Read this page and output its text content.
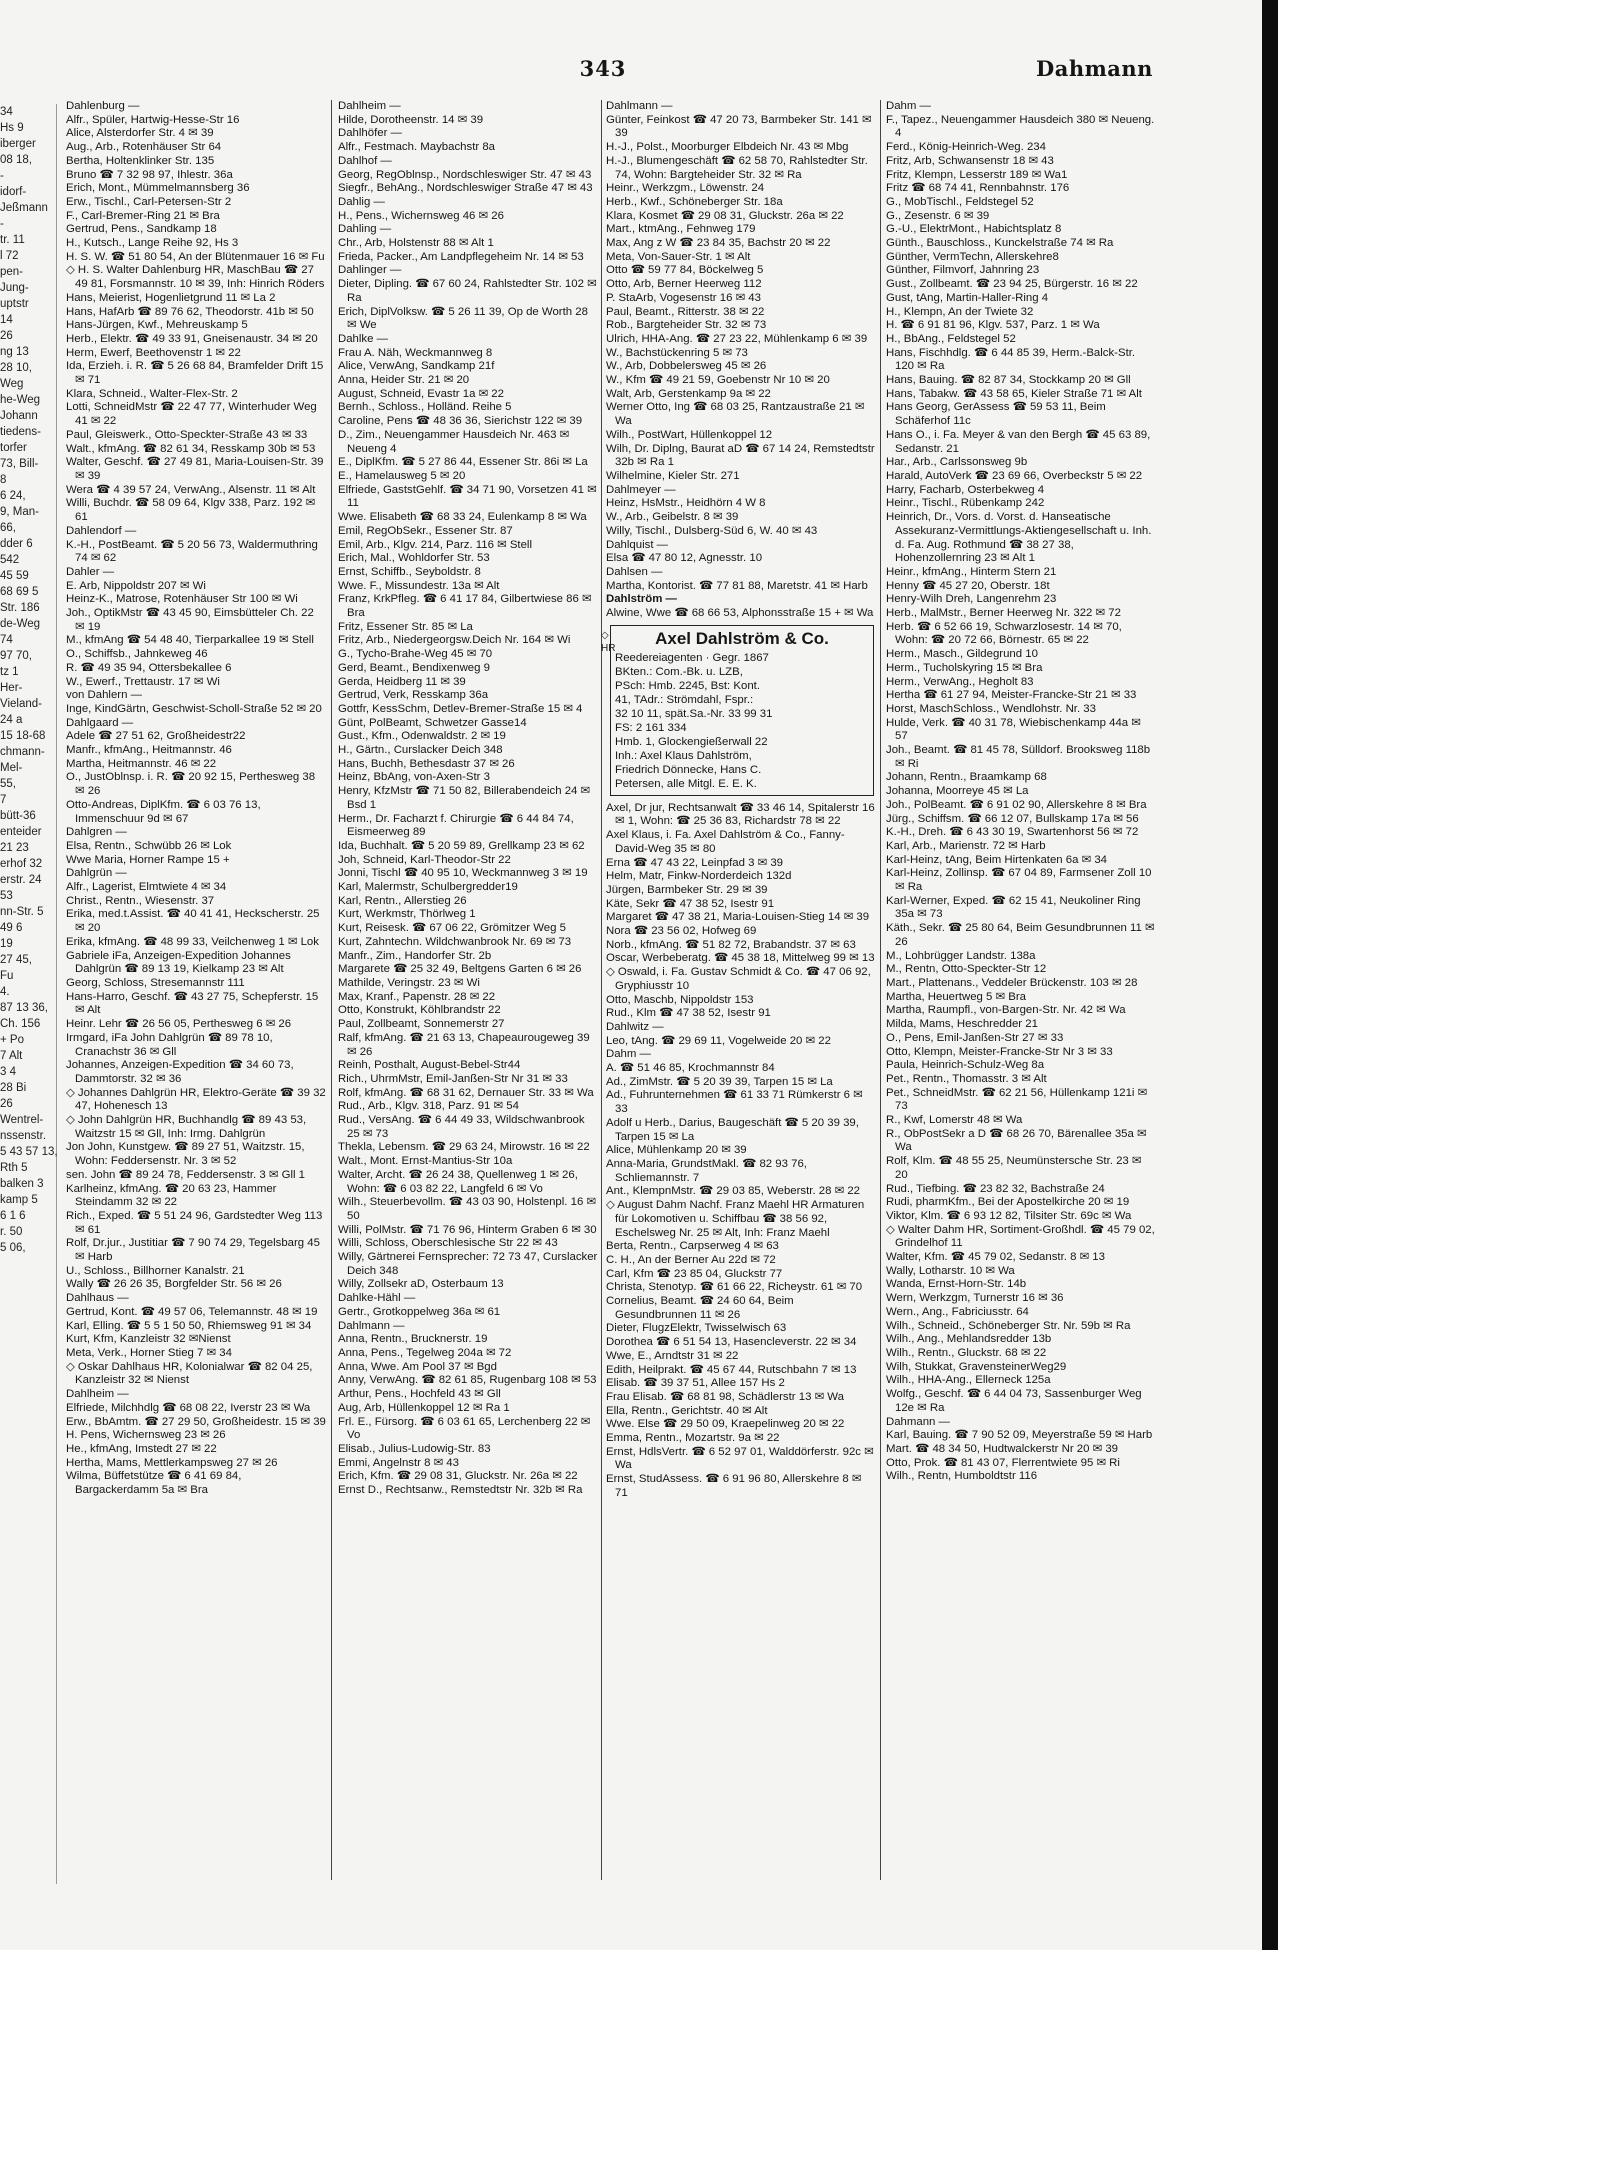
34
Hs 9
iberger
08 18,
-
idorf-
Jeßmann
-
tr. 11
l 72
pen-
Jung-
uptstr
14
26
ng 13
28 10,
Weg
he-Weg
Johann
tiedens-
torfer
73, Bill-
8
6 24,
9, Man-
66,
dder 6
542
45 59
68 69 5
Str. 186
de-Weg
74
97 70,
tz 1
Her-
Vieland-
24 a
15 18-68
chmann-
Mel-
55,
7
bütt-36
enteider
21 23
erhof 32
erstr. 24
53
nn-Str. 5
49 6
19
27 45,
Fu
4.
87 13 36,
Ch. 156
+ Po
7 Alt
3 4
28 Bi
26
Wentrel-
nssenstr.
5 43 57 13,
Rth 5
balken 3
kamp 5
6 1 6
r. 50
5 06,
343	Dahmann
Dahlenburg —
Alfr., Spüler, Hartwig-Hesse-Str 16
Alice, Alsterdorfer Str. 4 ✉ 39
Aug., Arb., Rotenhäuser Str 64
Bertha, Holtenklinker Str. 135
Bruno ☎ 7 32 98 97, Ihlestr. 36a
Erich, Mont., Mümmelmannsberg 36
Erw., Tischl., Carl-Petersen-Str 2
F., Carl-Bremer-Ring 21 ✉ Bra
Gertrud, Pens., Sandkamp 18
H., Kutsch., Lange Reihe 92, Hs 3
H. S. W. ☎ 51 80 54, An der Blütenmauer 16 ✉ Fu
◇ H. S. Walter Dahlenburg HR, MaschBau ☎ 27 49 81, Forsmannstr. 10 ✉ 39, Inh: Hinrich Röders
Hans, Meierist, Hogenlietgrund 11 ✉ La 2
Hans, HafArb ☎ 89 76 62, Theodorstr. 41b ✉ 50
Hans-Jürgen, Kwf., Mehreuskamp 5
Herb., Elektr. ☎ 49 33 91, Gneisenaustr. 34 ✉ 20
Herm, Ewerf, Beethovenstr 1 ✉ 22
Ida, Erzieh. i. R. ☎ 5 26 68 84, Bramfelder Drift 15 ✉ 71
Klara, Schneid., Walter-Flex-Str. 2
Lotti, SchneidMstr ☎ 22 47 77, Winterhuder Weg 41 ✉ 22
Paul, Gleiswerk., Otto-Speckter-Straße 43 ✉ 33
Walt., kfmAng. ☎ 82 61 34, Resskamp 30b ✉ 53
Walter, Geschf. ☎ 27 49 81, Maria-Louisen-Str. 39 ✉ 39
Wera ☎ 4 39 57 24, VerwAng., Alsenstr. 11 ✉ Alt
Willi, Buchdr. ☎ 58 09 64, Klgv 338, Parz. 192 ✉ 61
Dahlendorf —
K.-H., PostBeamt. ☎ 5 20 56 73, Waldermuthring 74 ✉ 62
Dahler —
E. Arb, Nippoldstr 207 ✉ Wi
Heinz-K., Matrose, Rotenhäuser Str 100 ✉ Wi
Joh., OptikMstr ☎ 43 45 90, Eimsbütteler Ch. 22 ✉ 19
M., kfmAng ☎ 54 48 40, Tierparkallee 19 ✉ Stell
O., Schiffsb., Jahnkeweg 46
R. ☎ 49 35 94, Ottersbekallee 6
W., Ewerf., Trettaustr. 17 ✉ Wi
von Dahlern —
Inge, KindGärtn, Geschwist-Scholl-Straße 52 ✉ 20
Dahlgaard —
Adele ☎ 27 51 62, Großheidestr22
Manfr., kfmAng., Heitmannstr. 46
Martha, Heitmannstr. 46 ✉ 22
O., JustOblnsp. i. R. ☎ 20 92 15, Perthesweg 38 ✉ 26
Otto-Andreas, DiplKfm. ☎ 6 03 76 13, Immenschuur 9d ✉ 67
Dahlgren —
Elsa, Rentn., Schwübb 26 ✉ Lok
Wwe Maria, Horner Rampe 15 +
Dahlgrün —
Alfr., Lagerist, Elmtwiete 4 ✉ 34
Christ., Rentn., Wiesenstr. 37
Erika, med.t.Assist. ☎ 40 41 41, Heckscherstr. 25 ✉ 20
Erika, kfmAng. ☎ 48 99 33, Veilchenweg 1 ✉ Lok
Gabriele iFa, Anzeigen-Expedition Johannes Dahlgrün ☎ 89 13 19, Kielkamp 23 ✉ Alt
Georg, Schloss, Stresemannstr 111
Hans-Harro, Geschf. ☎ 43 27 75, Schepferstr. 15 ✉ Alt
Heinr. Lehr ☎ 26 56 05, Perthesweg 6 ✉ 26
Irmgard, iFa John Dahlgrün ☎ 89 78 10, Cranachstr 36 ✉ Gll
Johannes, Anzeigen-Expedition ☎ 34 60 73, Dammtorstr. 32 ✉ 36
◇ Johannes Dahlgrün HR, Elektro-Geräte ☎ 39 32 47, Hohenesch 13
◇ John Dahlgrün HR, Buchhandlg ☎ 89 43 53, Waitzstr 15 ✉ Gll, Inh: Irmg. Dahlgrün
Jon John, Kunstgew. ☎ 89 27 51, Waitzstr. 15, Wohn: Feddersenstr. Nr. 3 ✉ 52
sen. John ☎ 89 24 78, Feddersenstr. 3 ✉ Gll 1
Karlheinz, kfmAng. ☎ 20 63 23, Hammer Steindamm 32 ✉ 22
Rich., Exped. ☎ 5 51 24 96, Gardstedter Weg 113 ✉ 61
Rolf, Dr.jur., Justitiar ☎ 7 90 74 29, Tegelsbarg 45 ✉ Harb
U., Schloss., Billhorner Kanalstr. 21
Wally ☎ 26 26 35, Borgfelder Str. 56 ✉ 26
Dahlhaus —
Gertrud, Kont. ☎ 49 57 06, Telemannstr. 48 ✉ 19
Karl, Elling. ☎ 5 5 1 50 50, Rhiemsweg 91 ✉ 34
Kurt, Kfm, Kanzleistr 32 ✉Nienst
Meta, Verk., Horner Stieg 7 ✉ 34
◇ Oskar Dahlhaus HR, Kolonialwar ☎ 82 04 25, Kanzleistr 32 ✉ Nienst
Dahlheim —
Elfriede, Milchhdlg ☎ 68 08 22, Iverstr 23 ✉ Wa
Erw., BbAmtm. ☎ 27 29 50, Großheidestr. 15 ✉ 39
H. Pens, Wichernsweg 23 ✉ 26
He., kfmAng, Imstedt 27 ✉ 22
Hertha, Mams, Mettlerkampsweg 27 ✉ 26
Wilma, Büffetstütze ☎ 6 41 69 84, Bargackerdamm 5a ✉ Bra
Dahlheim —
Hilde, Dorotheenstr. 14 ✉ 39
Dahlhöfer —
Alfr., Festmach. Maybachstr 8a
Dahlhof —
Georg, RegOblnsp., Nordschleswiger Str. 47 ✉ 43
Siegfr., BehAng., Nordschleswiger Straße 47 ✉ 43
Dahlig —
H., Pens., Wichernsweg 46 ✉ 26
Dahling —
Chr., Arb, Holstenstr 88 ✉ Alt 1
Frieda, Packer., Am Landpflegeheim Nr. 14 ✉ 53
Dahlinger —
Dieter, Dipling. ☎ 67 60 24, Rahlstedter Str. 102 ✉ Ra
Erich, DiplVolksw. ☎ 5 26 11 39, Op de Worth 28 ✉ We
Dahlke —
Frau A. Näh, Weckmannweg 8
Alice, VerwAng, Sandkamp 21f
Anna, Heider Str. 21 ✉ 20
August, Schneid, Evastr 1a ✉ 22
Bernh., Schloss., Holländ. Reihe 5
Caroline, Pens ☎ 48 36 36, Sierichstr 122 ✉ 39
D., Zim., Neuengammer Hausdeich Nr. 463 ✉ Neueng 4
E., DiplKfm. ☎ 5 27 86 44, Essener Str. 86i ✉ La
E., Hamelausweg 5 ✉ 20
Elfriede, GaststGehlf. ☎ 34 71 90, Vorsetzen 41 ✉ 11
Wwe. Elisabeth ☎ 68 33 24, Eulenkamp 8 ✉ Wa
Emil, RegObSekr., Essener Str. 87
Emil, Arb., Klgv. 214, Parz. 116 ✉ Stell
Erich, Mal., Wohldorfer Str. 53
Ernst, Schiffb., Seyboldstr. 8
Wwe. F., Missundestr. 13a ✉ Alt
Franz, KrkPfleg. ☎ 6 41 17 84, Gilbertwiese 86 ✉ Bra
Fritz, Essener Str. 85 ✉ La
Fritz, Arb., Niedergeorgsw.Deich Nr. 164 ✉ Wi
G., Tycho-Brahe-Weg 45 ✉ 70
Gerd, Beamt., Bendixenweg 9
Gerda, Heidberg 11 ✉ 39
Gertrud, Verk, Resskamp 36a
Gottfr, KessSchm, Detlev-Bremer-Straße 15 ✉ 4
Günt, PolBeamt, Schwetzer Gasse14
Gust., Kfm., Odenwaldstr. 2 ✉ 19
H., Gärtn., Curslacker Deich 348
Hans, Buchh, Bethesdastr 37 ✉ 26
Heinz, BbAng, von-Axen-Str 3
Henry, KfzMstr ☎ 71 50 82, Billerabendeich 24 ✉ Bsd 1
Herm., Dr. Facharzt f. Chirurgie ☎ 6 44 84 74, Eismeerweg 89
Ida, Buchhalt. ☎ 5 20 59 89, Grellkamp 23 ✉ 62
Joh, Schneid, Karl-Theodor-Str 22
Jonni, Tischl ☎ 40 95 10, Weckmannweg 3 ✉ 19
Karl, Malermstr, Schulbergredder19
Karl, Rentn., Allerstieg 26
Kurt, Werkmstr, Thörlweg 1
Kurt, Reisesk. ☎ 67 06 22, Grömitzer Weg 5
Kurt, Zahntechn. Wildchwanbrook Nr. 69 ✉ 73
Manfr., Zim., Handorfer Str. 2b
Margarete ☎ 25 32 49, Beltgens Garten 6 ✉ 26
Mathilde, Veringstr. 23 ✉ Wi
Max, Kranf., Papenstr. 28 ✉ 22
Otto, Konstrukt, Köhlbrandstr 22
Paul, Zollbeamt, Sonnemerstr 27
Ralf, kfmAng. ☎ 21 63 13, Chapeaurougeweg 39 ✉ 26
Reinh, Posthalt, August-Bebel-Str44
Rich., UhrmMstr, Emil-Janßen-Str Nr 31 ✉ 33
Rolf, kfmAng. ☎ 68 31 62, Dernauer Str. 33 ✉ Wa
Rud., Arb., Klgv. 318, Parz. 91 ✉ 54
Rud., VersAng. ☎ 6 44 49 33, Wildschwanbrook 25 ✉ 73
Thekla, Lebensm. ☎ 29 63 24, Mirowstr. 16 ✉ 22
Walt., Mont. Ernst-Mantius-Str 10a
Walter, Archt. ☎ 26 24 38, Quellenweg 1 ✉ 26, Wohn: ☎ 6 03 82 22, Langfeld 6 ✉ Vo
Wilh., Steuerbevollm. ☎ 43 03 90, Holstenpl. 16 ✉ 50
Willi, PolMstr. ☎ 71 76 96, Hinterm Graben 6 ✉ 30
Willi, Schloss, Oberschlesische Str 22 ✉ 43
Willy, Gärtnerei Fernsprecher: 72 73 47, Curslacker Deich 348
Willy, Zollsekr aD, Osterbaum 13
Dahlke-Hähl —
Gertr., Grotkoppelweg 36a ✉ 61
Dahlmann —
Anna, Rentn., Brucknerstr. 19
Anna, Pens., Tegelweg 204a ✉ 72
Anna, Wwe. Am Pool 37 ✉ Bgd
Anny, VerwAng. ☎ 82 61 85, Rugenbarg 108 ✉ 53
Arthur, Pens., Hochfeld 43 ✉ Gll
Aug, Arb, Hüllenkoppel 12 ✉ Ra 1
Frl. E., Fürsorg. ☎ 6 03 61 65, Lerchenberg 22 ✉ Vo
Elisab., Julius-Ludowig-Str. 83
Emmi, Angelnstr 8 ✉ 43
Erich, Kfm. ☎ 29 08 31, Gluckstr. Nr. 26a ✉ 22
Ernst D., Rechtsanw., Remstedtstr Nr. 32b ✉ Ra
Dahlmann —
Günter, Feinkost ☎ 47 20 73, Barmbeker Str. 141 ✉ 39
H.-J., Polst., Moorburger Elbdeich Nr. 43 ✉ Mbg
H.-J., Blumengeschäft ☎ 62 58 70, Rahlstedter Str. 74, Wohn: Bargteheider Str. 32 ✉ Ra
Heinr., Werkzgm., Löwenstr. 24
Herb., Kwf., Schöneberger Str. 18a
Klara, Kosmet ☎ 29 08 31, Gluckstr. 26a ✉ 22
Mart., ktmAng., Fehnweg 179
Max, Ang z W ☎ 23 84 35, Bachstr 20 ✉ 22
Meta, Von-Sauer-Str. 1 ✉ Alt
Otto ☎ 59 77 84, Böckelweg 5
Otto, Arb, Berner Heerweg 112
P. StaArb, Vogesenstr 16 ✉ 43
Paul, Beamt., Ritterstr. 38 ✉ 22
Rob., Bargteheider Str. 32 ✉ 73
Ulrich, HHA-Ang. ☎ 27 23 22, Mühlenkamp 6 ✉ 39
W., Bachstückenring 5 ✉ 73
W., Arb, Dobbelersweg 45 ✉ 26
W., Kfm ☎ 49 21 59, Goebenstr Nr 10 ✉ 20
Walt, Arb, Gerstenkamp 9a ✉ 22
Werner Otto, Ing ☎ 68 03 25, Rantzaustraße 21 ✉ Wa
Wilh., PostWart, Hüllenkoppel 12
Wilh, Dr. Diplng, Baurat aD ☎ 67 14 24, Remstedtstr 32b ✉ Ra 1
Wilhelmine, Kieler Str. 271
Dahlmeyer —
Heinz, HsMstr., Heidhörn 4 W 8
W., Arb., Geibelstr. 8 ✉ 39
Willy, Tischl., Dulsberg-Süd 6, W. 40 ✉ 43
Dahlquist —
Elsa ☎ 47 80 12, Agnesstr. 10
Dahlsen —
Martha, Kontorist. ☎ 77 81 88, Maretstr. 41 ✉ Harb
Dahlström —
Alwine, Wwe ☎ 68 66 53, Alphonsstraße 15 + ✉ Wa
◇ HR
Axel Dahlström & Co.
Reedereiagenten · Gegr. 1867
BKten.: Com.-Bk. u. LZB,
PSch: Hmb. 2245, Bst: Kont.
41, TAdr.: Strömdahl, Fspr.:
32 10 11, spät.Sa.-Nr. 33 99 31
FS: 2 161 334
Hmb. 1, Glockengießerwall 22
Inh.: Axel Klaus Dahlström,
Friedrich Dönnecke, Hans C.
Petersen, alle Mitgl. E. E. K.
Axel, Dr jur, Rechtsanwalt ☎ 33 46 14, Spitalerstr 16 ✉ 1, Wohn: ☎ 25 36 83, Richardstr 78 ✉ 22
Axel Klaus, i. Fa. Axel Dahlström & Co., Fanny-David-Weg 35 ✉ 80
Erna ☎ 47 43 22, Leinpfad 3 ✉ 39
Helm, Matr, Finkw-Norderdeich 132d
Jürgen, Barmbeker Str. 29 ✉ 39
Käte, Sekr ☎ 47 38 52, Isestr 91
Margaret ☎ 47 38 21, Maria-Louisen-Stieg 14 ✉ 39
Nora ☎ 23 56 02, Hofweg 69
Norb., kfmAng. ☎ 51 82 72, Brabandstr. 37 ✉ 63
Oscar, Werbeberatg. ☎ 45 38 18, Mittelweg 99 ✉ 13
◇ Oswald, i. Fa. Gustav Schmidt & Co. ☎ 47 06 92, Gryphiusstr 10
Otto, Maschb, Nippoldstr 153
Rud., Klm ☎ 47 38 52, Isestr 91
Dahlwitz —
Leo, tAng. ☎ 29 69 11, Vogelweide 20 ✉ 22
Dahm —
A. ☎ 51 46 85, Krochmannstr 84
Ad., ZimMstr. ☎ 5 20 39 39, Tarpen 15 ✉ La
Ad., Fuhrunternehmen ☎ 61 33 71 Rümkerstr 6 ✉ 33
Adolf u Herb., Darius, Baugeschäft ☎ 5 20 39 39, Tarpen 15 ✉ La
Alice, Mühlenkamp 20 ✉ 39
Anna-Maria, GrundstMakl. ☎ 82 93 76, Schliemannstr. 7
Ant., KlempnMstr. ☎ 29 03 85, Weberstr. 28 ✉ 22
◇ August Dahm Nachf. Franz Maehl HR Armaturen für Lokomotiven u. Schiffbau ☎ 38 56 92, Eschelsweg Nr. 25 ✉ Alt, Inh: Franz Maehl
Berta, Rentn., Carpserweg 4 ✉ 63
C. H., An der Berner Au 22d ✉ 72
Carl, Kfm ☎ 23 85 04, Gluckstr 77
Christa, Stenotyp. ☎ 61 66 22, Richeystr. 61 ✉ 70
Cornelius, Beamt. ☎ 24 60 64, Beim Gesundbrunnen 11 ✉ 26
Dieter, FlugzElektr, Twisselwisch 63
Dorothea ☎ 6 51 54 13, Hasencleverstr. 22 ✉ 34
Wwe, E., Arndtstr 31 ✉ 22
Edith, Heilprakt. ☎ 45 67 44, Rutschbahn 7 ✉ 13
Elisab. ☎ 39 37 51, Allee 157 Hs 2
Frau Elisab. ☎ 68 81 98, Schädlerstr 13 ✉ Wa
Ella, Rentn., Gerichtstr. 40 ✉ Alt
Wwe. Else ☎ 29 50 09, Kraepelinweg 20 ✉ 22
Emma, Rentn., Mozartstr. 9a ✉ 22
Ernst, HdlsVertr. ☎ 6 52 97 01, Walddörferstr. 92c ✉ Wa
Ernst, StudAssess. ☎ 6 91 96 80, Allerskehre 8 ✉ 71
Dahm —
F., Tapez., Neuengammer Hausdeich 380 ✉ Neueng. 4
Ferd., König-Heinrich-Weg. 234
Fritz, Arb, Schwansenstr 18 ✉ 43
Fritz, Klempn, Lesserstr 189 ✉ Wa1
Fritz ☎ 68 74 41, Rennbahnstr. 176
G., MobTischl., Feldstegel 52
G., Zesenstr. 6 ✉ 39
G.-U., ElektrMont., Habichtsplatz 8
Günth., Bauschloss., Kunckelstraße 74 ✉ Ra
Günther, VermTechn, Allerskehre8
Günther, Filmvorf, Jahnring 23
Gust., Zollbeamt. ☎ 23 94 25, Bürgerstr. 16 ✉ 22
Gust, tAng, Martin-Haller-Ring 4
H., Klempn, An der Twiete 32
H. ☎ 6 91 81 96, Klgv. 537, Parz. 1 ✉ Wa
H., BbAng., Feldstegel 52
Hans, Fischhdlg. ☎ 6 44 85 39, Herm.-Balck-Str. 120 ✉ Ra
Hans, Bauing. ☎ 82 87 34, Stockkamp 20 ✉ Gll
Hans, Tabakw. ☎ 43 58 65, Kieler Straße 71 ✉ Alt
Hans Georg, GerAssess ☎ 59 53 11, Beim Schäferhof 11c
Hans O., i. Fa. Meyer & van den Bergh ☎ 45 63 89, Sedanstr. 21
Har., Arb., Carlssonsweg 9b
Harald, AutoVerk ☎ 23 69 66, Overbeckstr 5 ✉ 22
Harry, Facharb, Osterbekweg 4
Heinr., Tischl., Rübenkamp 242
Heinrich, Dr., Vors. d. Vorst. d. Hanseatische Assekuranz-Vermittlungs-Aktiengesellschaft u. Inh. d. Fa. Aug. Rothmund ☎ 38 27 38, Hohenzollernring 23 ✉ Alt 1
Heinr., kfmAng., Hinterm Stern 21
Henny ☎ 45 27 20, Oberstr. 18t
Henry-Wilh Dreh, Langenrehm 23
Herb., MalMstr., Berner Heerweg Nr. 322 ✉ 72
Herb. ☎ 6 52 66 19, Schwarzlosestr. 14 ✉ 70, Wohn: ☎ 20 72 66, Börnestr. 65 ✉ 22
Herm., Masch., Gildegrund 10
Herm., Tucholskyring 15 ✉ Bra
Herm., VerwAng., Hegholt 83
Hertha ☎ 61 27 94, Meister-Francke-Str 21 ✉ 33
Horst, MaschSchloss., Wendlohstr. Nr. 33
Hulde, Verk. ☎ 40 31 78, Wiebischenkamp 44a ✉ 57
Joh., Beamt. ☎ 81 45 78, Sülldorf. Brooksweg 118b ✉ Ri
Johann, Rentn., Braamkamp 68
Johanna, Moorreye 45 ✉ La
Joh., PolBeamt. ☎ 6 91 02 90, Allerskehre 8 ✉ Bra
Jürg., Schiffsm. ☎ 66 12 07, Bullskamp 17a ✉ 56
K.-H., Dreh. ☎ 6 43 30 19, Swartenhorst 56 ✉ 72
Karl, Arb., Marienstr. 72 ✉ Harb
Karl-Heinz, tAng, Beim Hirtenkaten 6a ✉ 34
Karl-Heinz, Zollinsp. ☎ 67 04 89, Farmsener Zoll 10 ✉ Ra
Karl-Werner, Exped. ☎ 62 15 41, Neukoliner Ring 35a ✉ 73
Käth., Sekr. ☎ 25 80 64, Beim Gesundbrunnen 11 ✉ 26
M., Lohbrügger Landstr. 138a
M., Rentn, Otto-Speckter-Str 12
Mart., Plattenans., Veddeler Brückenstr. 103 ✉ 28
Martha, Heuertweg 5 ✉ Bra
Martha, Raumpfl., von-Bargen-Str. Nr. 42 ✉ Wa
Milda, Mams, Heschredder 21
O., Pens, Emil-Janßen-Str 27 ✉ 33
Otto, Klempn, Meister-Francke-Str Nr 3 ✉ 33
Paula, Heinrich-Schulz-Weg 8a
Pet., Rentn., Thomasstr. 3 ✉ Alt
Pet., SchneidMstr. ☎ 62 21 56, Hüllenkamp 121i ✉ 73
R., Kwf, Lomerstr 48 ✉ Wa
R., ObPostSekr a D ☎ 68 26 70, Bärenallee 35a ✉ Wa
Rolf, Klm. ☎ 48 55 25, Neumünstersche Str. 23 ✉ 20
Rud., Tiefbing. ☎ 23 82 32, Bachstraße 24
Rudi, pharmKfm., Bei der Apostelkirche 20 ✉ 19
Viktor, Klm. ☎ 6 93 12 82, Tilsiter Str. 69c ✉ Wa
◇ Walter Dahm HR, Sortiment-Großhdl. ☎ 45 79 02, Grindelhof 11
Walter, Kfm. ☎ 45 79 02, Sedanstr. 8 ✉ 13
Wally, Lotharstr. 10 ✉ Wa
Wanda, Ernst-Horn-Str. 14b
Wern, Werkzgm, Turnerstr 16 ✉ 36
Wern., Ang., Fabriciusstr. 64
Wilh., Schneid., Schöneberger Str. Nr. 59b ✉ Ra
Wilh., Ang., Mehlandsredder 13b
Wilh., Rentn., Gluckstr. 68 ✉ 22
Wilh, Stukkat, GravensteinerWeg29
Wilh., HHA-Ang., Ellerneck 125a
Wolfg., Geschf. ☎ 6 44 04 73, Sassenburger Weg 12e ✉ Ra
Dahmann —
Karl, Bauing. ☎ 7 90 52 09, Meyerstraße 59 ✉ Harb
Mart. ☎ 48 34 50, Hudtwalckerstr Nr 20 ✉ 39
Otto, Prok. ☎ 81 43 07, Flerrentwiete 95 ✉ Ri
Wilh., Rentn, Humboldtstr 116
